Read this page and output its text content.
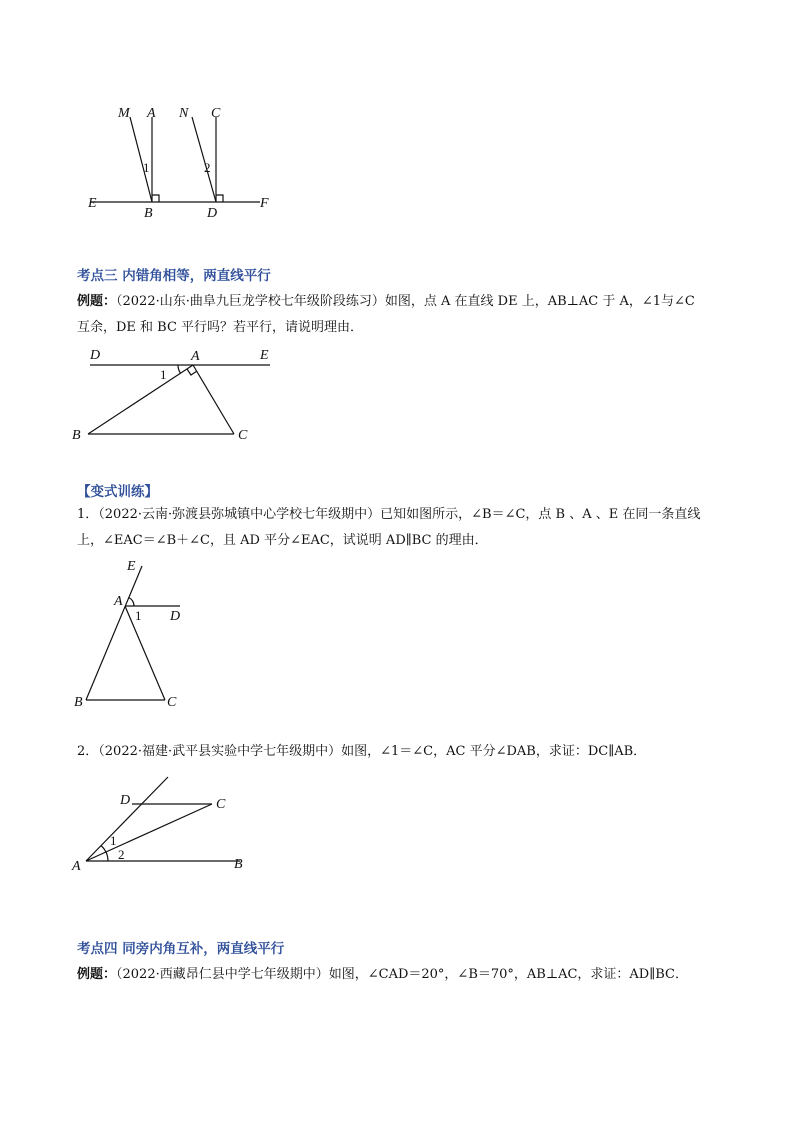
M A N C
E
B	D
F
1	2
考点三 内错角相等，两直线平行
例题：（2022·山东·曲阜九巨龙学校七年级阶段练习）如图，点 A 在直线 DE 上，AB⊥AC 于 A，∠1与∠C
互余，DE 和 BC 平行吗？若平行，请说明理由．
D	A	E
1
B	C
【变式训练】
1．（2022·云南·弥渡县弥城镇中心学校七年级期中）已知如图所示，∠B＝∠C，点 B 、A 、E 在同一条直线
上，∠EAC＝∠B＋∠C，且 AD 平分∠EAC，试说明 AD∥BC 的理由．
E
A
1 D
B	C
2．（2022·福建·武平县实验中学七年级期中）如图，∠1＝∠C，AC 平分∠DAB，求证：DC∥AB．
D	C
1
2
A	B
考点四 同旁内角互补，两直线平行
例题：（2022·西藏昂仁县中学七年级期中）如图，∠CAD＝20°，∠B＝70°，AB⊥AC，求证：AD∥BC．
